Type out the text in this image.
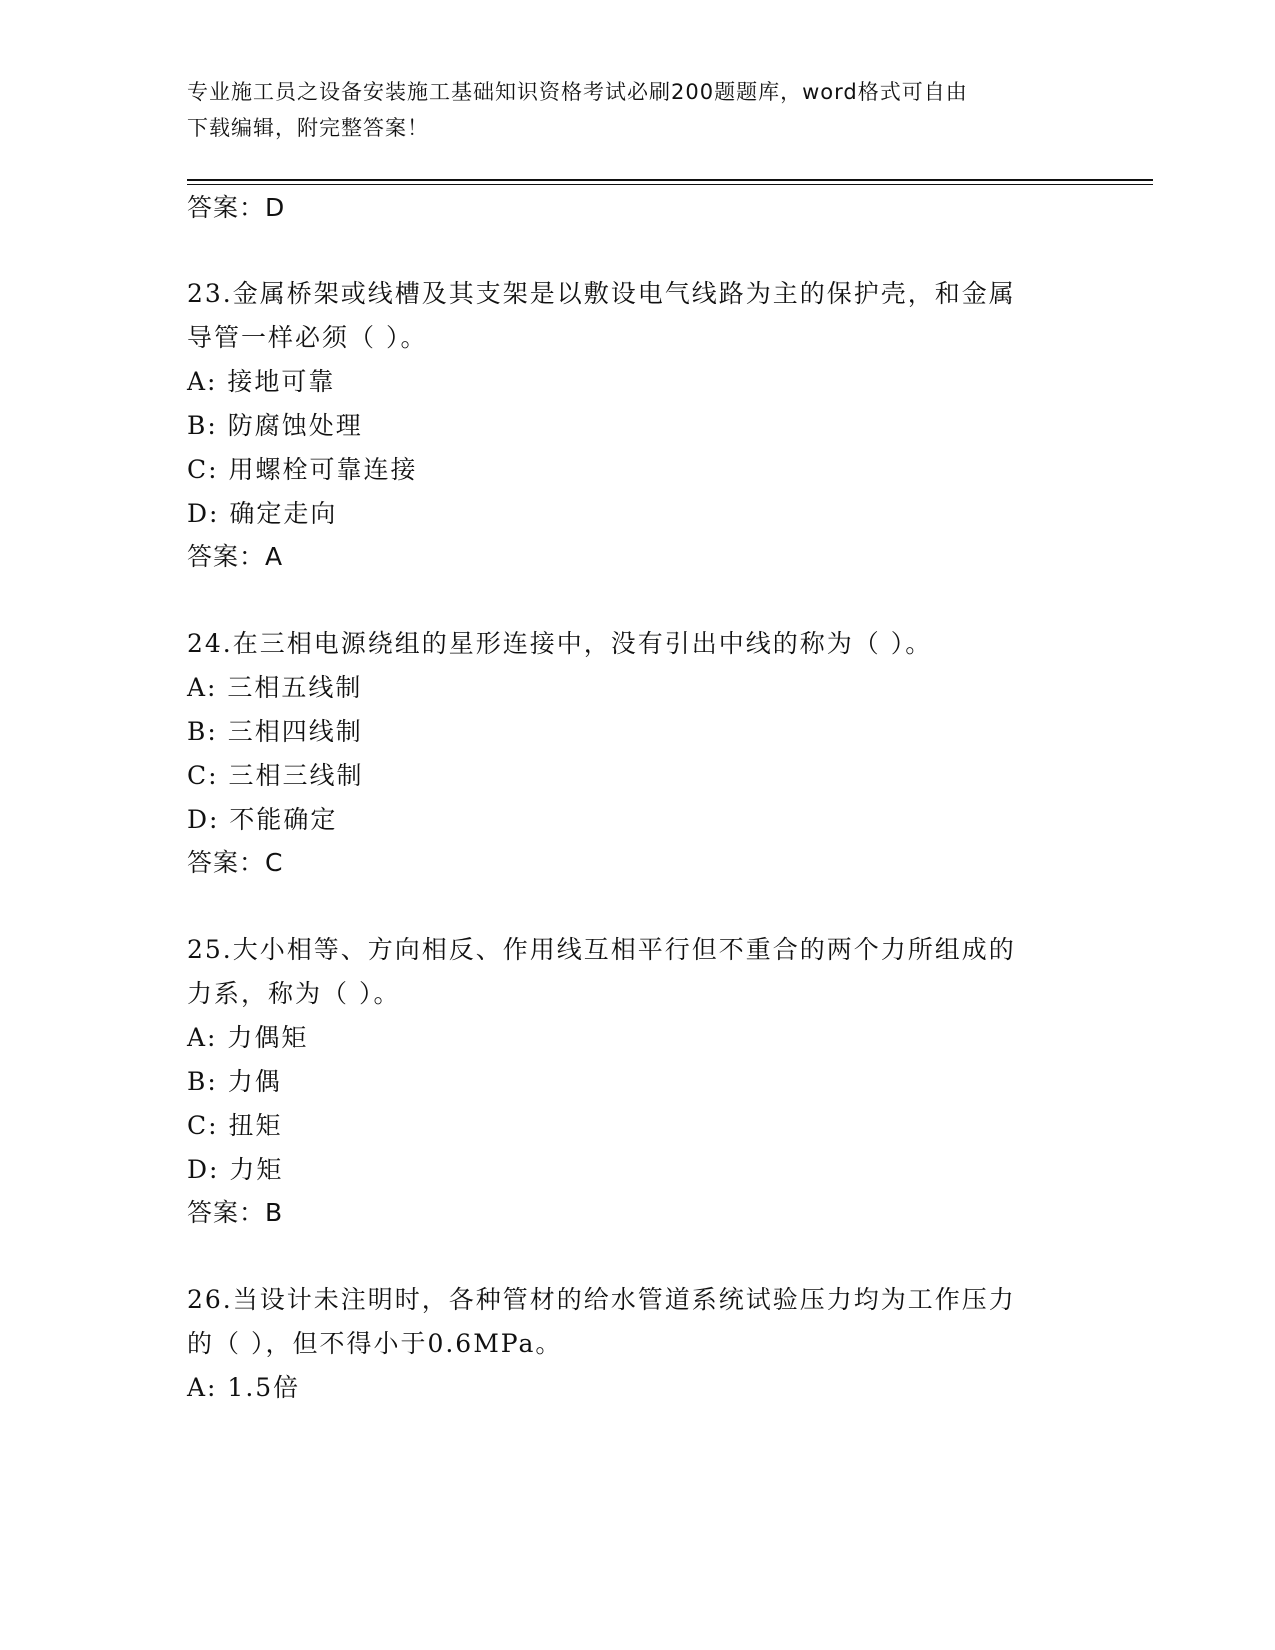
专业施工员之设备安装施工基础知识资格考试必刷200题题库，word格式可自由
下载编辑，附完整答案！
答案：D
23.金属桥架或线槽及其支架是以敷设电气线路为主的保护壳，和金属
导管一样必须（ ）。
A: 接地可靠
B: 防腐蚀处理
C: 用螺栓可靠连接
D: 确定走向
答案：A
24.在三相电源绕组的星形连接中，没有引出中线的称为（ ）。
A: 三相五线制
B: 三相四线制
C: 三相三线制
D: 不能确定
答案：C
25.大小相等、方向相反、作用线互相平行但不重合的两个力所组成的
力系，称为（ ）。
A: 力偶矩
B: 力偶
C: 扭矩
D: 力矩
答案：B
26.当设计未注明时，各种管材的给水管道系统试验压力均为工作压力
的（ ），但不得小于0.6MPa。
A: 1.5倍
